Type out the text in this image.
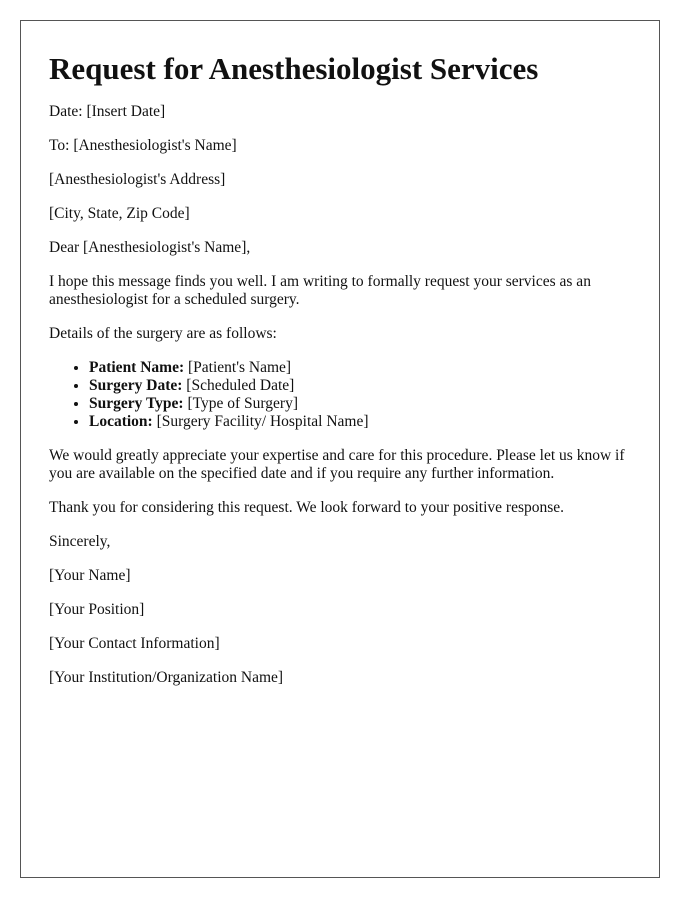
Request for Anesthesiologist Services

Date: [Insert Date]

To: [Anesthesiologist's Name]

[Anesthesiologist's Address]

[City, State, Zip Code]

Dear [Anesthesiologist's Name],

I hope this message finds you well. I am writing to formally request your services as an anesthesiologist for a scheduled surgery.

Details of the surgery are as follows:

• Patient Name: [Patient's Name]
• Surgery Date: [Scheduled Date]
• Surgery Type: [Type of Surgery]
• Location: [Surgery Facility/ Hospital Name]

We would greatly appreciate your expertise and care for this procedure. Please let us know if you are available on the specified date and if you require any further information.

Thank you for considering this request. We look forward to your positive response.

Sincerely,

[Your Name]

[Your Position]

[Your Contact Information]

[Your Institution/Organization Name]
